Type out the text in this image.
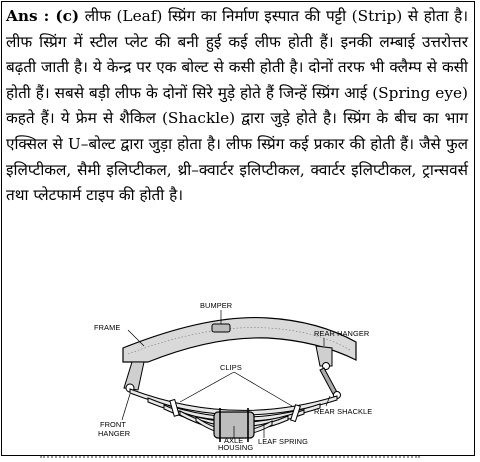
Ans : (c) लीफ (Leaf) स्प्रिंग का निर्माण इस्पात की पट्टी (Strip) से होता है। लीफ स्प्रिंग में स्टील प्लेट की बनी हुई कई लीफ होती हैं। इनकी लम्बाई उत्तरोत्तर बढ़ती जाती है। ये केन्द्र पर एक बोल्ट से कसी होती है। दोनों तरफ भी क्लैम्प से कसी होती हैं। सबसे बड़ी लीफ के दोनों सिरे मुड़े होते हैं जिन्हें स्प्रिंग आई (Spring eye) कहते हैं। ये फ्रेम से शैकिल (Shackle) द्वारा जुड़े होते है। स्प्रिंग के बीच का भाग एक्सिल से U–बोल्ट द्वारा जुड़ा होता है। लीफ स्प्रिंग कई प्रकार की होती हैं। जैसे फुल इलिप्टीकल, सैमी इलिप्टीकल, थ्री–क्वार्टर इलिप्टीकल, क्वार्टर इलिप्टीकल, ट्रान्सवर्स तथा प्लेटफार्म टाइप की होती है।

BUMPER
FRAME
REAR HANGER
CLIPS
REAR SHACKLE
FRONT
HANGER
AXLE
HOUSING
LEAF SPRING
